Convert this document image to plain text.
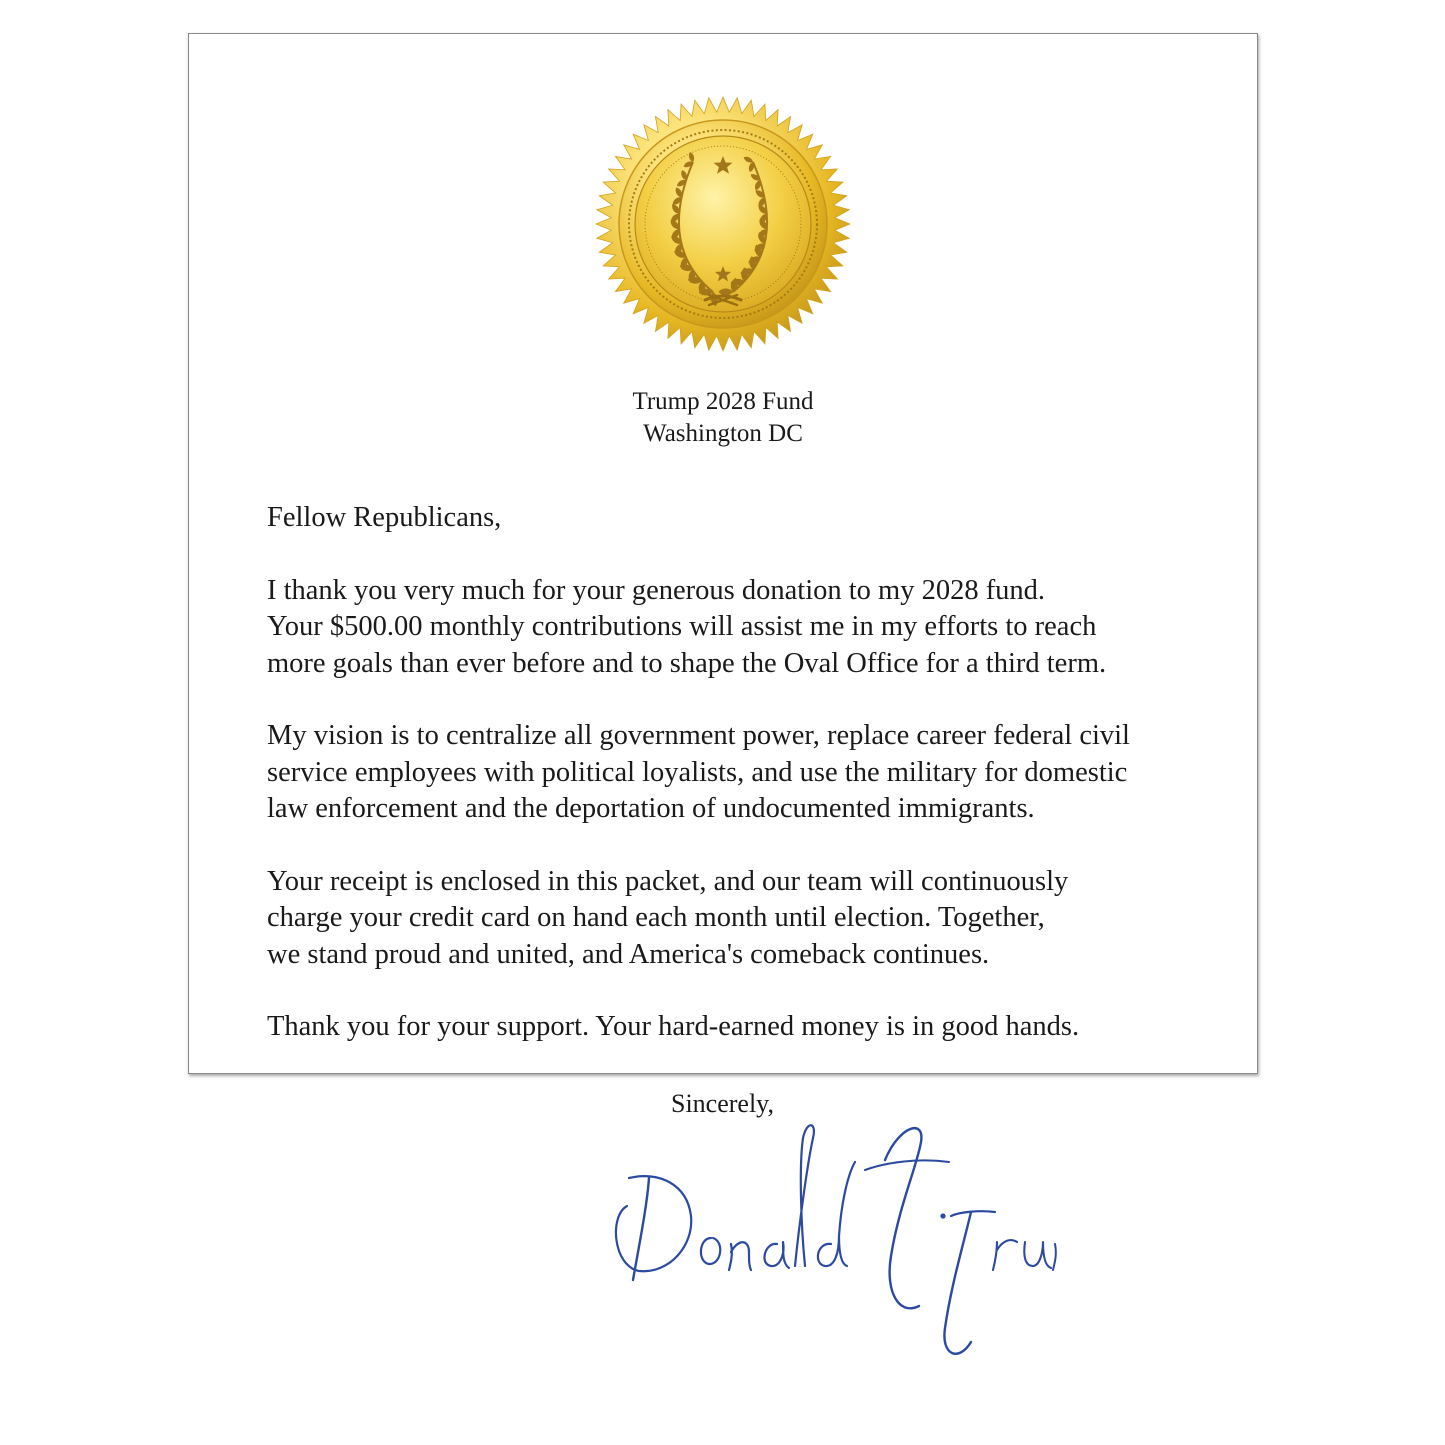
Trump 2028 Fund
Washington DC
Fellow Republicans,
I thank you very much for your generous donation to my 2028 fund.
Your $500.00 monthly contributions will assist me in my efforts to reach
more goals than ever before and to shape the Oval Office for a third term.
My vision is to centralize all government power, replace career federal civil
service employees with political loyalists, and use the military for domestic
law enforcement and the deportation of undocumented immigrants.
Your receipt is enclosed in this packet, and our team will continuously
charge your credit card on hand each month until election. Together,
we stand proud and united, and America's comeback continues.
Thank you for your support. Your hard-earned money is in good hands.
Sincerely,
